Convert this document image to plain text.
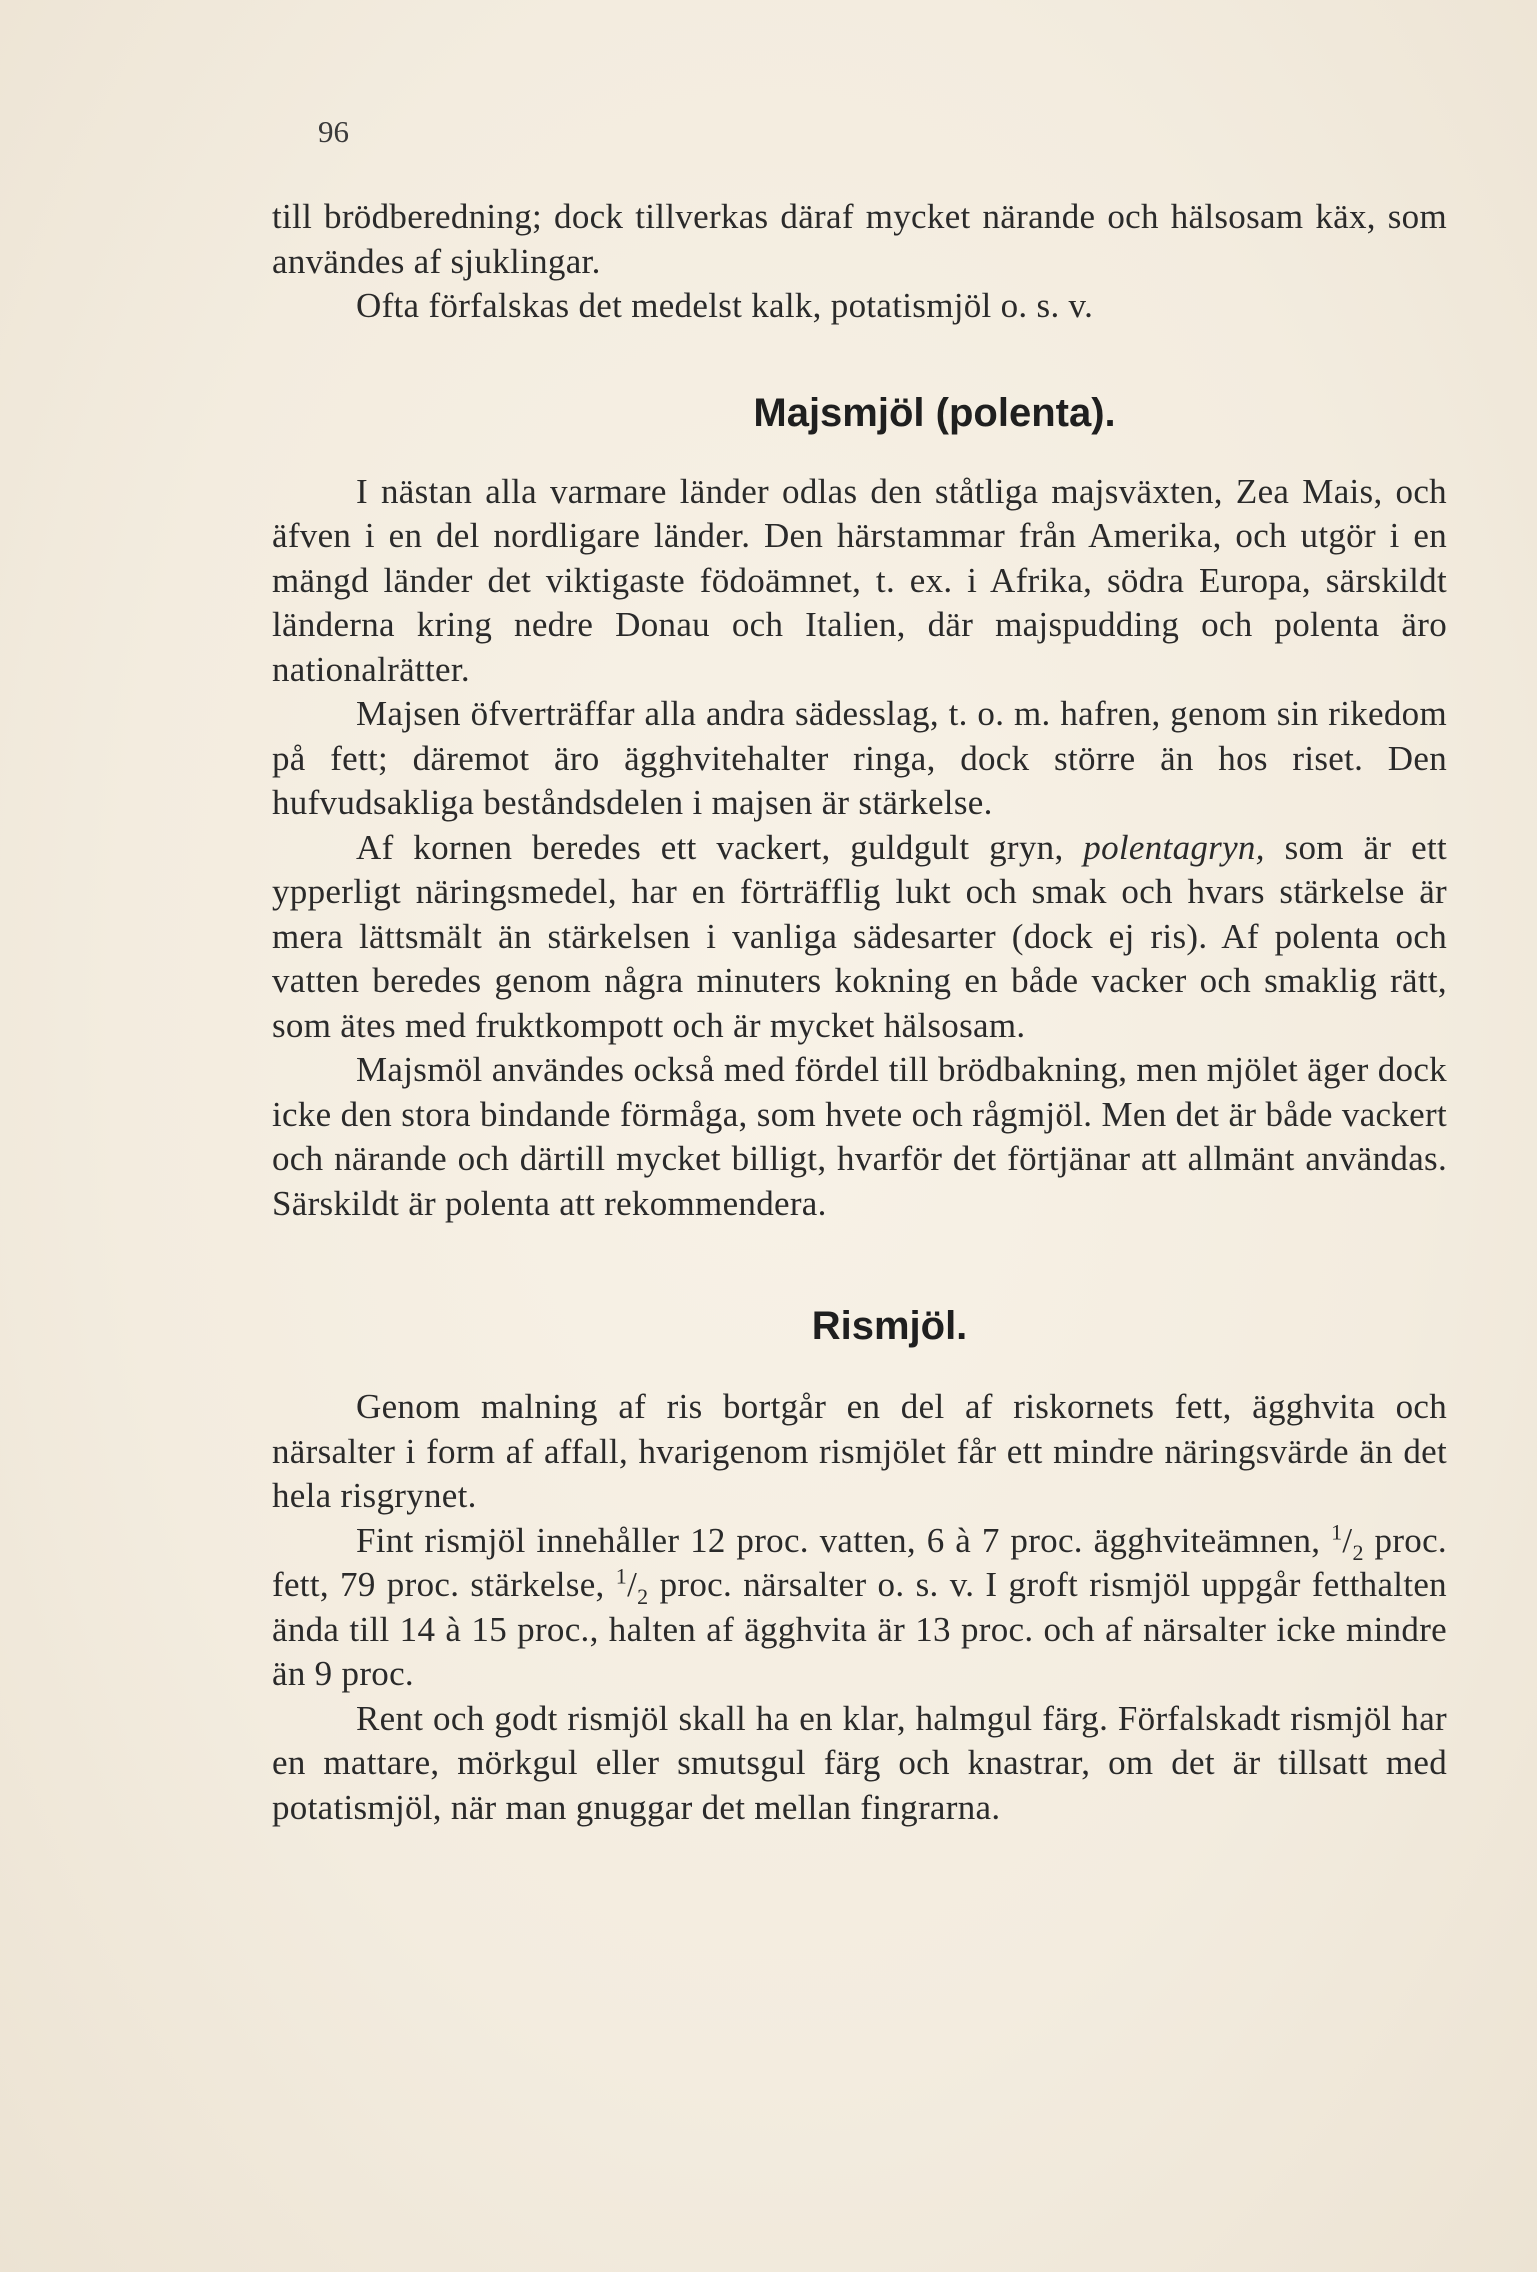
96

till brödberedning; dock tillverkas däraf mycket närande och hälsosam käx, som användes af sjuklingar.

Ofta förfalskas det medelst kalk, potatismjöl o. s. v.

Majsmjöl (polenta).

I nästan alla varmare länder odlas den ståtliga majsväxten, Zea Mais, och äfven i en del nordligare länder. Den härstammar från Amerika, och utgör i en mängd länder det viktigaste födoämnet, t. ex. i Afrika, södra Europa, särskildt länderna kring nedre Donau och Italien, där majspudding och polenta äro nationalrätter.

Majsen öfverträffar alla andra sädesslag, t. o. m. hafren, genom sin rikedom på fett; däremot äro ägghvitehalter ringa, dock större än hos riset. Den hufvudsakliga beståndsdelen i majsen är stärkelse.

Af kornen beredes ett vackert, guldgult gryn, polentagryn, som är ett ypperligt näringsmedel, har en förträfflig lukt och smak och hvars stärkelse är mera lättsmält än stärkelsen i vanliga sädesarter (dock ej ris). Af polenta och vatten beredes genom några minuters kokning en både vacker och smaklig rätt, som ätes med fruktkompott och är mycket hälsosam.

Majsmöl användes också med fördel till brödbakning, men mjölet äger dock icke den stora bindande förmåga, som hvete och rågmjöl. Men det är både vackert och närande och därtill mycket billigt, hvarför det förtjänar att allmänt användas. Särskildt är polenta att rekommendera.

Rismjöl.

Genom malning af ris bortgår en del af riskornets fett, ägghvita och närsalter i form af affall, hvarigenom rismjölet får ett mindre näringsvärde än det hela risgrynet.

Fint rismjöl innehåller 12 proc. vatten, 6 à 7 proc. ägghviteämnen, $^1/_2$ proc. fett, 79 proc. stärkelse, $^1/_2$ proc. närsalter o. s. v. I groft rismjöl uppgår fetthalten ända till 14 à 15 proc., halten af ägghvita är 13 proc. och af närsalter icke mindre än 9 proc.

Rent och godt rismjöl skall ha en klar, halmgul färg. Förfalskadt rismjöl har en mattare, mörkgul eller smutsgul färg och knastrar, om det är tillsatt med potatismjöl, när man gnuggar det mellan fingrarna.
